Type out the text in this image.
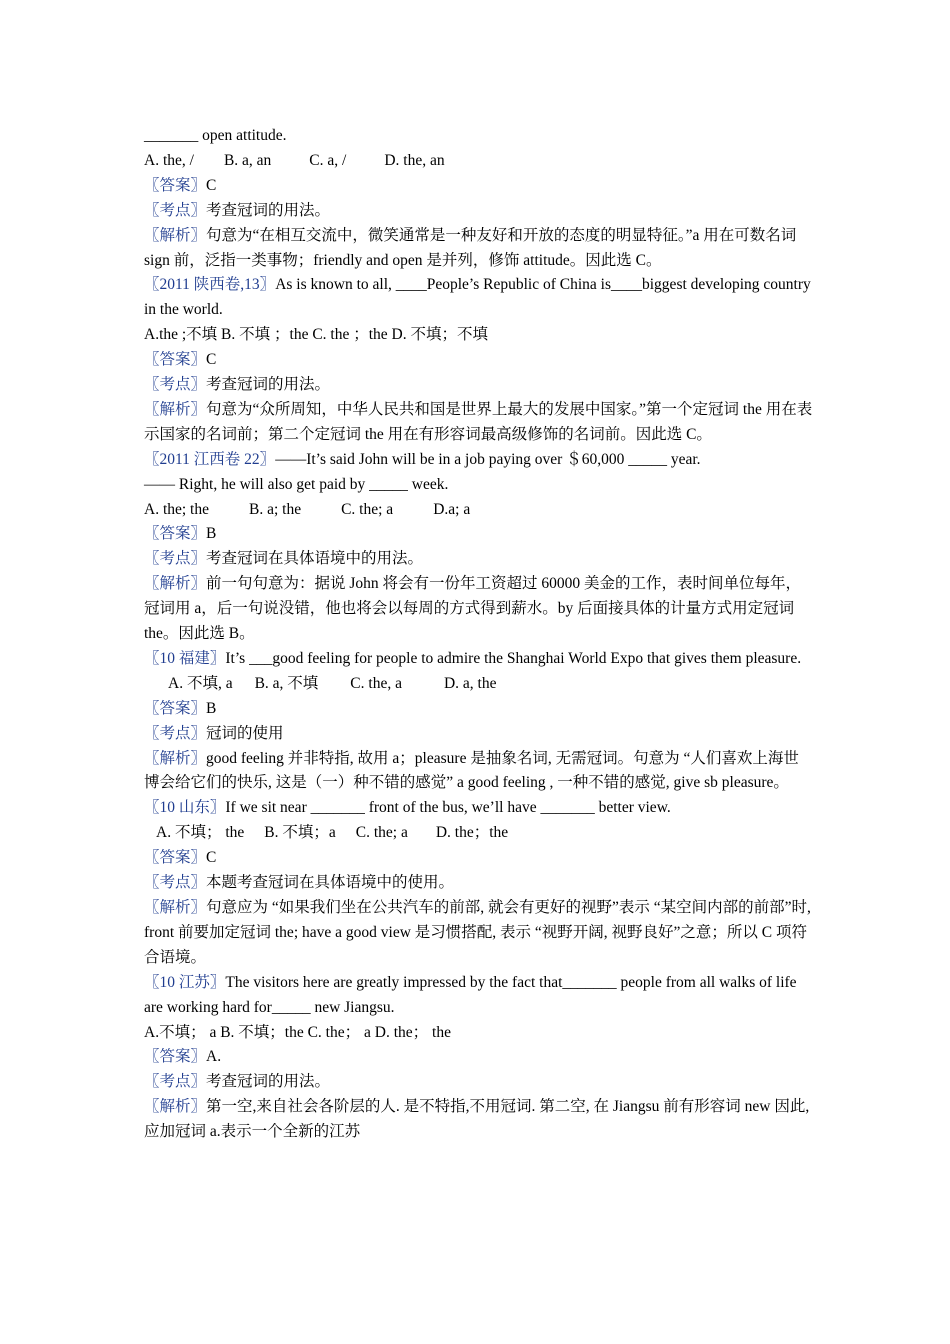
_______ open attitude.
A. the, / B. a, an C. a, / D. the, an
〖答案〗C
〖考点〗考查冠词的用法。
〖解析〗句意为“在相互交流中，微笑通常是一种友好和开放的态度的明显特征。”a 用在可数名词 sign 前，泛指一类事物；friendly and open 是并列，修饰 attitude。因此选 C。
〖2011 陕西卷,13〗As is known to all, ____People’s Republic of China is____biggest developing country in the world.
A.the ;不填 B. 不填 ；the C. the ；the D. 不填；不填
〖答案〗C
〖考点〗考查冠词的用法。
〖解析〗句意为“众所周知，中华人民共和国是世界上最大的发展中国家。”第一个定冠词 the 用在表示国家的名词前；第二个定冠词 the 用在有形容词最高级修饰的名词前。因此选 C。
〖2011 江西卷 22〗——It’s said John will be in a job paying over ＄60,000 _____ year.
—— Right, he will also get paid by _____ week.
A. the; the	B. a; the	C. the; a	D.a; a
〖答案〗B
〖考点〗考查冠词在具体语境中的用法。
〖解析〗前一句句意为：据说 John 将会有一份年工资超过 60000 美金的工作，表时间单位每年，冠词用 a，后一句说没错，他也将会以每周的方式得到薪水。by 后面接具体的计量方式用定冠词 the。因此选 B。
〖10 福建〗It’s ___good feeling for people to admire the Shanghai World Expo that gives them pleasure.
A. 不填, a B. a, 不填 C. the, a	D. a, the
〖答案〗B
〖考点〗冠词的使用
〖解析〗good feeling 并非特指, 故用 a；pleasure 是抽象名词, 无需冠词。句意为 “人们喜欢上海世博会给它们的快乐, 这是（一）种不错的感觉” a good feeling , 一种不错的感觉, give sb pleasure。
〖10 山东〗If we sit near _______ front of the bus, we’ll have _______ better view.
A. 不填； the B. 不填；a C. the; a D. the；the
〖答案〗C
〖考点〗本题考查冠词在具体语境中的使用。
〖解析〗句意应为 “如果我们坐在公共汽车的前部, 就会有更好的视野”表示 “某空间内部的前部”时, front 前要加定冠词 the; have a good view 是习惯搭配, 表示 “视野开阔, 视野良好”之意；所以 C 项符合语境。
〖10 江苏〗The visitors here are greatly impressed by the fact that_______ people from all walks of life are working hard for_____ new Jiangsu.
A.不填； a B. 不填；the C. the； a D. the； the
〖答案〗A.
〖考点〗考查冠词的用法。
〖解析〗第一空,来自社会各阶层的人. 是不特指,不用冠词. 第二空, 在 Jiangsu 前有形容词 new 因此,应加冠词 a.表示一个全新的江苏
